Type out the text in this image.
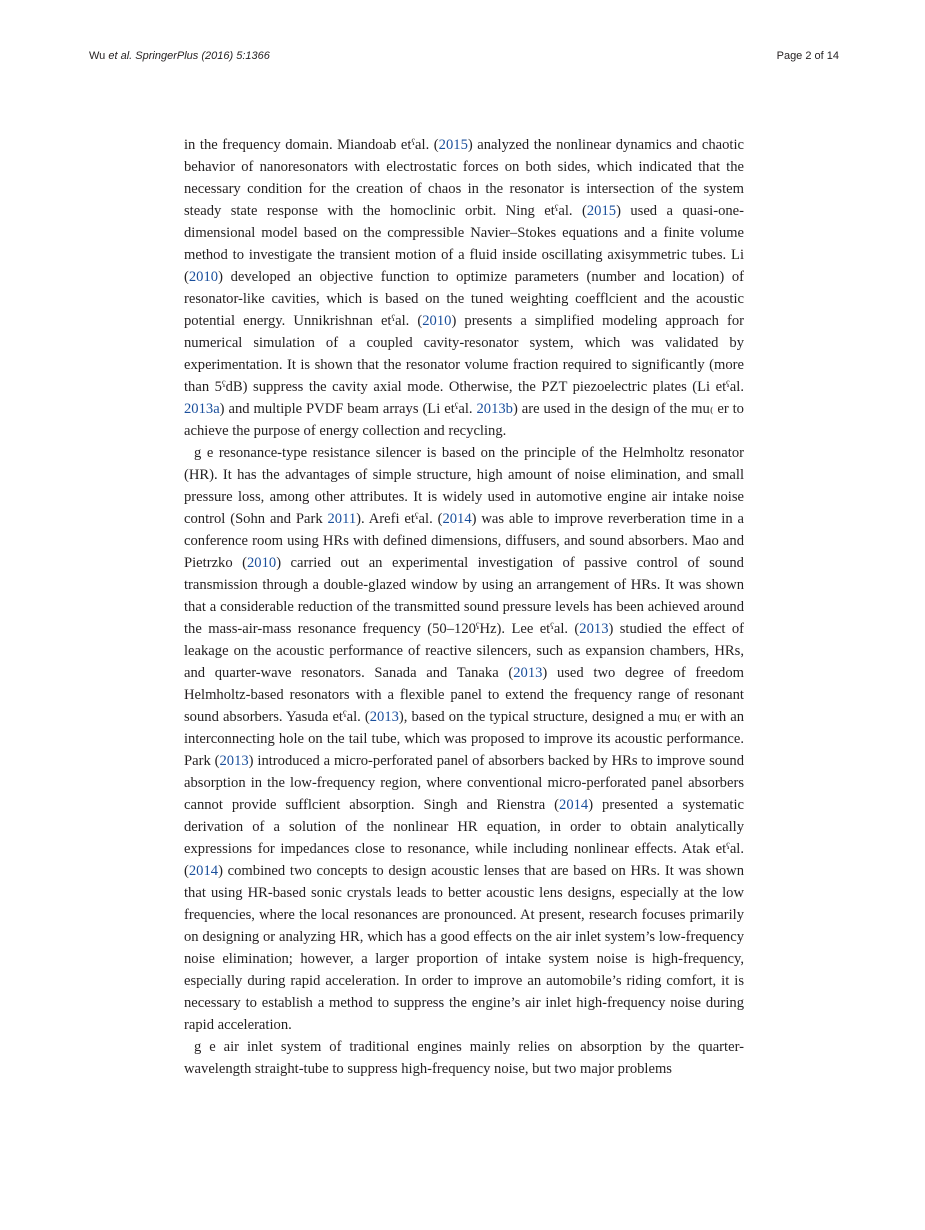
Wu et al. SpringerPlus (2016) 5:1366	Page 2 of 14

in the frequency domain. Miandoab etˁal. (2015) analyzed the nonlinear dynamics and chaotic behavior of nanoresonators with electrostatic forces on both sides, which indicated that the necessary condition for the creation of chaos in the resonator is intersection of the system steady state response with the homoclinic orbit. Ning etˁal. (2015) used a quasi-one-dimensional model based on the compressible Navier–Stokes equations and a finite volume method to investigate the transient motion of a fluid inside oscillating axisymmetric tubes. Li (2010) developed an objective function to optimize parameters (number and location) of resonator-like cavities, which is based on the tuned weighting coefflcient and the acoustic potential energy. Unnikrishnan etˁal. (2010) presents a simplified modeling approach for numerical simulation of a coupled cavity-resonator system, which was validated by experimentation. It is shown that the resonator volume fraction required to significantly (more than 5ˁdB) suppress the cavity axial mode. Otherwise, the PZT piezoelectric plates (Li etˁal. 2013a) and multiple PVDF beam arrays (Li etˁal. 2013b) are used in the design of the mu₍ er to achieve the purpose of energy collection and recycling.

g e resonance-type resistance silencer is based on the principle of the Helmholtz resonator (HR). It has the advantages of simple structure, high amount of noise elimination, and small pressure loss, among other attributes. It is widely used in automotive engine air intake noise control (Sohn and Park 2011). Arefi etˁal. (2014) was able to improve reverberation time in a conference room using HRs with defined dimensions, diffusers, and sound absorbers. Mao and Pietrzko (2010) carried out an experimental investigation of passive control of sound transmission through a double-glazed window by using an arrangement of HRs. It was shown that a considerable reduction of the transmitted sound pressure levels has been achieved around the mass-air-mass resonance frequency (50–120ˁHz). Lee etˁal. (2013) studied the effect of leakage on the acoustic performance of reactive silencers, such as expansion chambers, HRs, and quarter-wave resonators. Sanada and Tanaka (2013) used two degree of freedom Helmholtz-based resonators with a flexible panel to extend the frequency range of resonant sound absorbers. Yasuda etˁal. (2013), based on the typical structure, designed a mu₍ er with an interconnecting hole on the tail tube, which was proposed to improve its acoustic performance. Park (2013) introduced a micro-perforated panel of absorbers backed by HRs to improve sound absorption in the low-frequency region, where conventional micro-perforated panel absorbers cannot provide sufflcient absorption. Singh and Rienstra (2014) presented a systematic derivation of a solution of the nonlinear HR equation, in order to obtain analytically expressions for impedances close to resonance, while including nonlinear effects. Atak etˁal. (2014) combined two concepts to design acoustic lenses that are based on HRs. It was shown that using HR-based sonic crystals leads to better acoustic lens designs, especially at the low frequencies, where the local resonances are pronounced. At present, research focuses primarily on designing or analyzing HR, which has a good effects on the air inlet system’s low-frequency noise elimination; however, a larger proportion of intake system noise is high-frequency, especially during rapid acceleration. In order to improve an automobile’s riding comfort, it is necessary to establish a method to suppress the engine’s air inlet high-frequency noise during rapid acceleration.

g e air inlet system of traditional engines mainly relies on absorption by the quarter-wavelength straight-tube to suppress high-frequency noise, but two major problems
